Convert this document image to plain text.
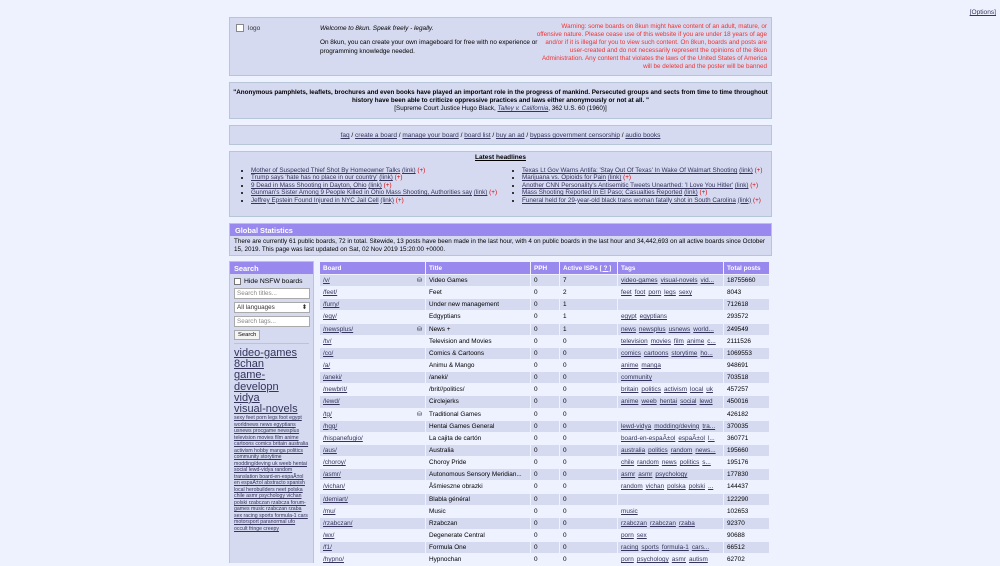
[Options]
logo	Welcome to 8kun. Speak freely - legally.
On 8kun, you can create your own imageboard for free with no experience or programming knowledge needed.
Warning: some boards on 8kun might have content of an adult, mature, or offensive nature. Please cease use of this website if you are under 18 years of age and/or if it is illegal for you to view such content. On 8kun, boards and posts are user-created and do not necessarily represent the opinions of the 8kun Administration. Any content that violates the laws of the United States of America will be deleted and the poster will be banned
"Anonymous pamphlets, leaflets, brochures and even books have played an important role in the progress of mankind. Persecuted groups and sects from time to time throughout history have been able to criticize oppressive practices and laws either anonymously or not at all. "
[Supreme Court Justice Hugo Black, Talley v. California, 362 U.S. 60 (1960)]
faq / create a board / manage your board / board list / buy an ad / bypass government censorship / audio books
Latest headlines
• Mother of Suspected Thief Shot By Homeowner Talks (link) (+)
• Trump says 'hate has no place in our country' (link) (+)
• 9 Dead in Mass Shooting in Dayton, Ohio (link) (+)
• Gunman's Sister Among 9 People Killed in Ohio Mass Shooting, Authorities say (link) (+)
• Jeffrey Epstein Found Injured in NYC Jail Cell (link) (+)
• Texas Lt Gov Warns Antifa: 'Stay Out Of Texas' In Wake Of Walmart Shooting (link) (+)
• Marijuana vs. Opioids for Pain (link) (+)
• Another CNN Personality's Antisemitic Tweets Unearthed: 'I Love You Hitler' (link) (+)
• Mass Shooting Reported In El Paso; Casualties Reported (link) (+)
• Funeral held for 29-year-old black trans woman fatally shot in South Carolina (link) (+)
Global Statistics
There are currently 61 public boards, 72 in total. Sitewide, 13 posts have been made in the last hour, with 4 on public boards in the last hour and 34,442,693 on all active boards since October 15, 2019. This page was last updated on Sat, 02 Nov 2019 15:20:00 +0000.
Search
Hide NSFW boards
Search titles...
All languages	⬍
Search tags...
Search
video-games
8chan
game-developn
vidya
visual-novels
sexy feet porn legs foot egypt worldnews news egyptians usnews procgame newsplus television movies film anime cartoons comics britain australia activism hobby manga politics community storytime modding/deving uk weeb hentai social lewd-vidya random translation board-en-espaÃ±ol en espaÃ±ol abstracto spanish local herobuilders neet polska chile asmr psychology vichan polski rzabczan rzabcza forum-games music rzabczan rzaba sex racing sports formula-1 cars motorsport paranormal ufo occult fringe creepy
Board	Title	PPH	Active ISPs [ ? ]	Tags	Total posts
/v/ ⛁	Video Games	0	7	video-games visual-novels vid...	18755660
/feet/	Feet	0	2	feet foot porn legs sexy	8043
/furry/	Under new management	0	1		712618
/egy/	Edgyptians	0	1	egypt egyptians	293572
/newsplus/ ⛁	News +	0	1	news newsplus usnews world...	249549
/tv/	Television and Movies	0	0	television movies film anime c...	2111526
/co/	Comics & Cartoons	0	0	comics cartoons storytime ho...	1069553
/a/	Animu & Mango	0	0	anime manga	948691
/aneki/	/aneki/	0	0	community	703518
/newbrit/	/brit//politics/	0	0	britain politics activism local uk	457257
/lewd/	Circlejerks	0	0	anime weeb hentai social lewd	450016
/tg/ ⛁	Traditional Games	0	0		426182
/hgg/	Hentai Games General	0	0	lewd-vidya modding/deving tra...	370035
/hispanefugio/	La cajita de cartón	0	0	board-en-espaÃ±ol espaÃ±ol l...	360771
/aus/	Australia	0	0	australia politics random news...	195660
/choroy/	Choroy Pride	0	0	chile random news politics s...	195176
/asmr/	Autonomous Sensory Meridian...	0	0	asmr asmr psychology	177830
/vichan/	Åšmieszne obrazki	0	0	random vichan polska polski ...	144437
/demiart/	Blabla général	0	0		122290
/mu/	Music	0	0	music	102653
/rzabczan/	Rzabczan	0	0	rzabczan rzabczan rzaba	92370
/wx/	Degenerate Central	0	0	porn sex	90688
/f1/	Formula One	0	0	racing sports formula-1 cars...	66512
/hypno/	Hypnochan	0	0	porn psychology asmr autism	62702
